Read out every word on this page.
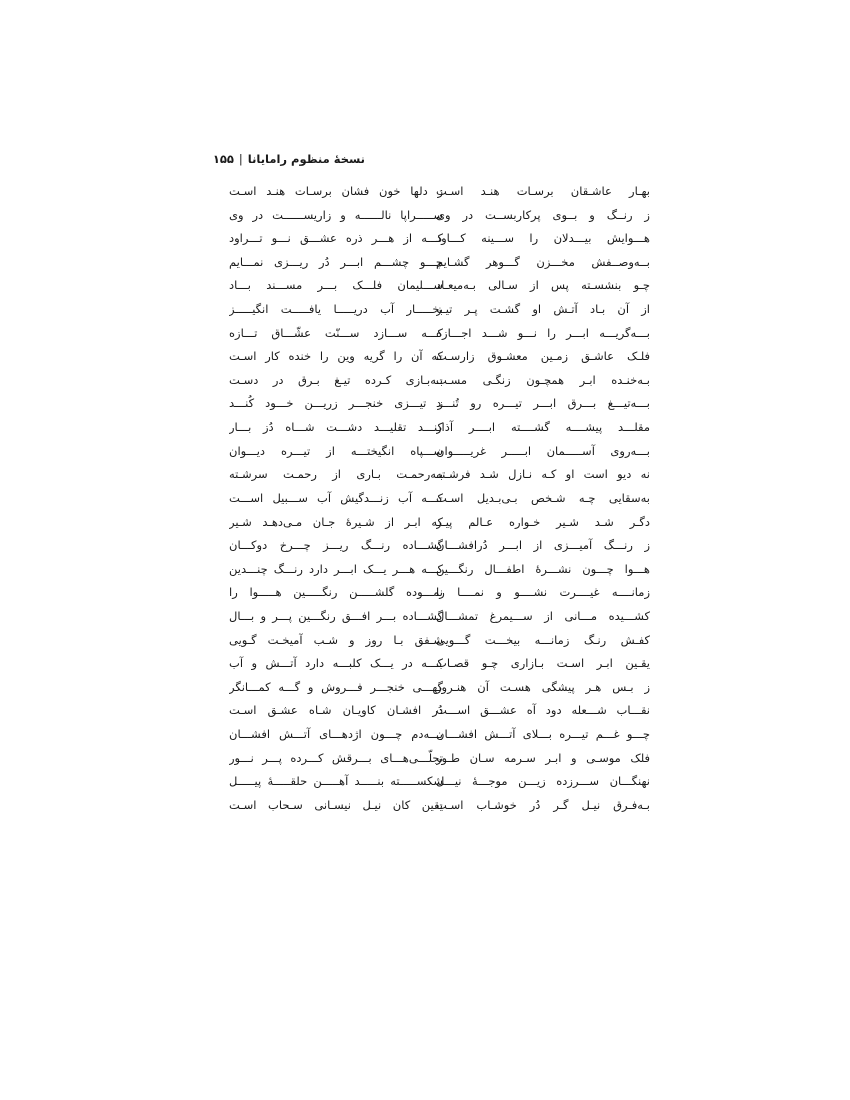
نسخهٔ منظوم رامایانا|۱۵۵
بهـار عاشـقان برسـات هنـد اسـت
ز رنــگ و بــوی پرکاربســت در وی
هـــوایش بیـــدلان را ســـینه کـــاود
بــه‌وصــفش مخـــزن گـــوهر گشـایم
چـو بنشسـته پس از سـالی بـه‌میعـاد
از آن بـاد آتـش او گشـت پـر تیـز
بـــه‌گریـــه ابـــر را نـــو شـــد اجـــازه
فلـک عاشـق زمـین معشـوق زارسـت
بـه‌خنـده ابـر همچـون زنگـی مسـت
بـــه‌تیـــغ بـــرق ابـــر تیـــره رو تُنـــد
مقلـــد پیشــــه گشــــته ابــــر آذار
بـــه‌روی آســـــمان ابـــــر غریـــــوان
نه دیو است او کـه نـازل شـد فرشـته
به‌سقایی چـه شـخص بـی‌بـدیل اسـت
دگـر شـد شـیر خـواره عـالم پیـر
ز رنـــگ آمیـــزی از ابـــر دُرافشـــان
هـــوا چـــون نشـــرهٔ اطفـــال رنگـــین
زمانــــه غیــــرت نشــــو و نمــــا را
کشـــیده مـــانی از ســـیمرغ تمشـــال
کفـش رنـگ زمانـــه بیخـــت گـــویی
یقـین ابـر اسـت بـازاری چـو قصـاب
ز بـس هـر پیشگی هسـت آن هنـرور
نقـــاب شـــعله دود آه عشـــق اســـت
چـــو غـــم تیـــره بـــلای آتـــش افشـــان
فلک موسـی و ابـر سـرمه سـان طـور
نهنگـــان ســـرزده زیـــن موجـــهٔ نیـــل
بـه‌فـرق نیـل گـر دُر خوشـاب اسـت
ز دلها خون فشان برسـات هنـد اسـت
ســـــراپا نالــــــه و زاریســــــت در وی
کـــه از هـــر ذره عشـــق نـــو تـــراود
چـــو چشـــم ابـــر دُر ریـــزی نمـــایم
ســـلیمان فلـــک بـــر مســـند بـــاد
بخـــــار آب دریـــــا یافـــــت انگیـــــز
کـــه ســـازد ســـنّت عشّـــاق تـــازه
که آن را گریه وین را خنده کار اسـت
بـه‌بـازی کـرده تیـغ بـرق در دسـت
ز تیـــزی خنجـــر زریـــن خـــود کُنـــد
کنـــد تقلیـــد دشـــت شـــاه دُز بـــار
ســـپاه انگیختـــه از تیـــره دیـــوان
بـه‌رحمـت بـاری از رحمـت سرشـته
کـــه آب زنـــدگیش آب ســـبیل اســـت
که ابـر از شـیرهٔ جـان مـی‌دهـد شـیر
گشـــاده رنـــگ ریـــز چـــرخ دوکـــان
کـــه هـــر یـــک ابـــر دارد رنـــگ چنـــدین
نمـــوده گلشـــــن رنگـــــین هـــــوا را
گشـــاده بـــر افـــق رنگـــین پـــر و بـــال
شـفق بـا روز و شـب آمیخـت گـویی
کـــه در یـــک کلبـــه دارد آتـــش و آب
گهـــی خنجـــر فـــروش و گـــه کمـــانگر
دُر افشـان کاویـان شـاه عشـق اسـت
بـــه‌دم چـــون اژدهـــای آتـــش افشـــان
تجلّـــی‌هـــای بـــرقش کـــرده پـــر نـــور
شکســـــته بنـــــد آهـــــن حلقـــــهٔ پیـــــل
یقین کان نیـل نیسـانی سـحاب اسـت
